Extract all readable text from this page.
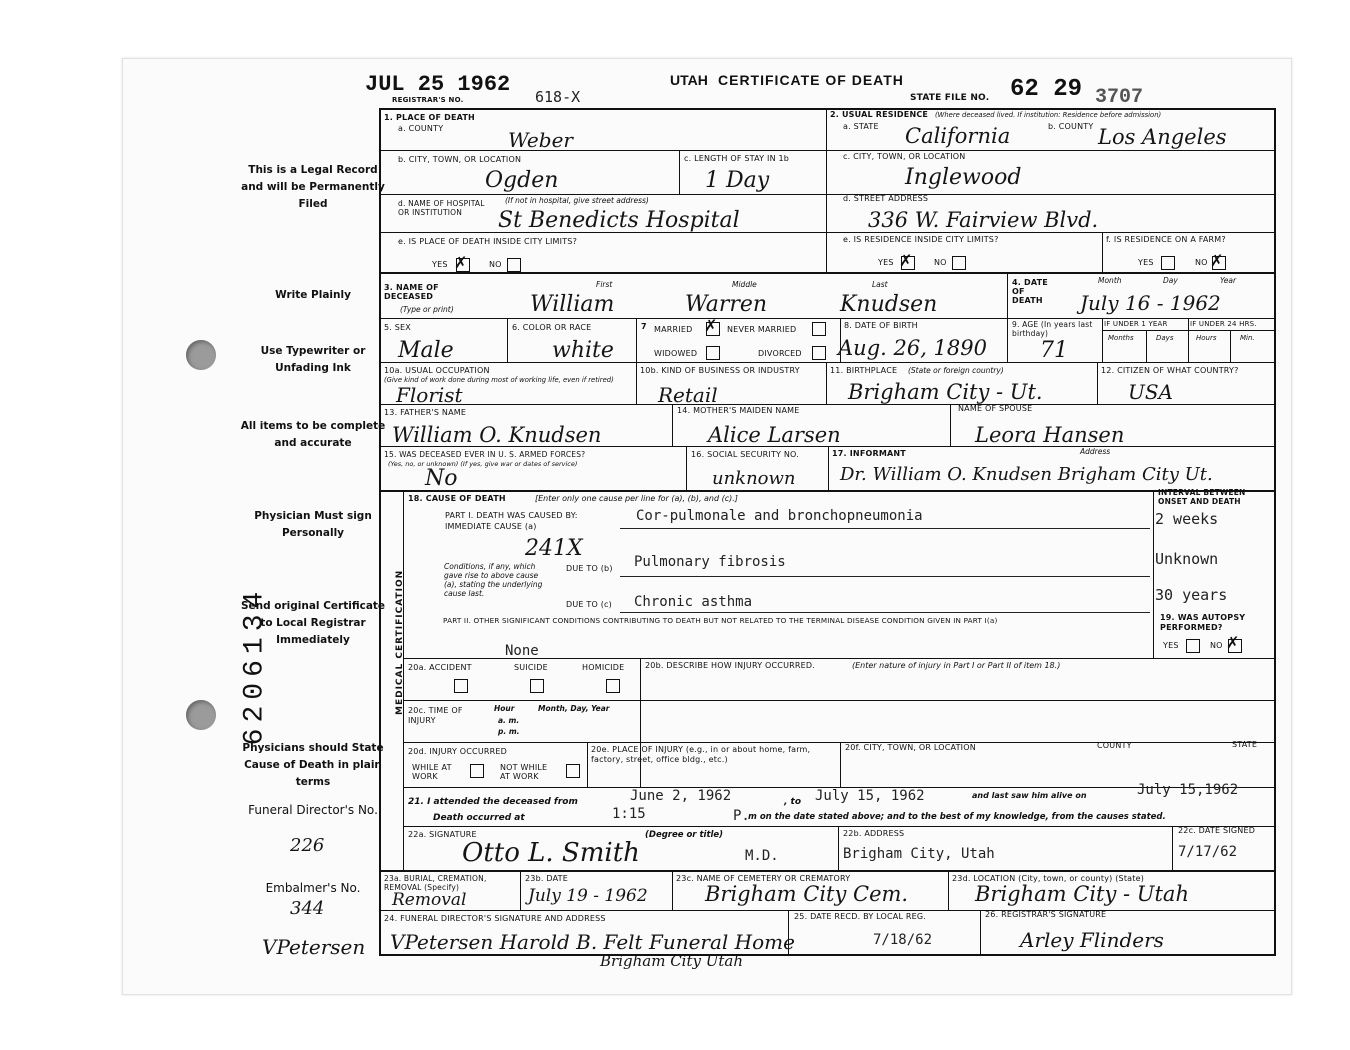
JUL 25 1962
REGISTRAR'S NO.	618-X
UTAH CERTIFICATE OF DEATH
STATE FILE NO. 62 29 3707
This is a Legal Record and will be Permanently Filed
Write Plainly
Use Typewriter or Unfading Ink
All items to be complete and accurate
Physician Must sign Personally
Send original Certificate to Local Registrar Immediately
Physicians should State Cause of Death in plain terms
Funeral Director's No.
226
Embalmer's No.
344
6206134
VPetersen
1. PLACE OF DEATH
a. COUNTY	Weber
2. USUAL RESIDENCE (Where deceased lived. If institution: Residence before admission)
a. STATE	b. COUNTY
California	Los Angeles
b. CITY, TOWN, OR LOCATION
Ogden
c. LENGTH OF STAY IN 1b
1 Day
c. CITY, TOWN, OR LOCATION
Inglewood
d. NAME OF HOSPITAL OR INSTITUTION
(If not in hospital, give street address)
St Benedicts Hospital
d. STREET ADDRESS
336 W. Fairview Blvd.
e. IS PLACE OF DEATH INSIDE CITY LIMITS?
YES ✗	NO
e. IS RESIDENCE INSIDE CITY LIMITS?
YES ✗	NO
f. IS RESIDENCE ON A FARM?
YES	NO ✗
3. NAME OF DECEASED
(Type or print)
First	Middle	Last
William	Warren	Knudsen
4. DATE OF DEATH
Month	Day	Year
July 16 - 1962
5. SEX
Male
6. COLOR OR RACE
white
7 MARRIED ✗ NEVER MARRIED
WIDOWED	DIVORCED
8. DATE OF BIRTH
Aug. 26, 1890
9. AGE (In years last birthday)
71
IF UNDER 1 YEAR	IF UNDER 24 HRS.
Months	Days	Hours	Min.
10a. USUAL OCCUPATION
(Give kind of work done during most of working life, even if retired)
Florist
10b. KIND OF BUSINESS OR INDUSTRY
Retail
11. BIRTHPLACE (State or foreign country)
Brigham City - Ut.
12. CITIZEN OF WHAT COUNTRY?
USA
13. FATHER'S NAME
William O. Knudsen
14. MOTHER'S MAIDEN NAME
Alice Larsen
NAME OF SPOUSE
Leora Hansen
15. WAS DECEASED EVER IN U. S. ARMED FORCES?
(Yes, no, or unknown) (If yes, give war or dates of service)
No
16. SOCIAL SECURITY NO.
unknown
17. INFORMANT	Address
Dr. William O. Knudsen Brigham City Ut.
MEDICAL CERTIFICATION
18. CAUSE OF DEATH	[Enter only one cause per line for (a), (b), and (c).]
PART I. DEATH WAS CAUSED BY: IMMEDIATE CAUSE (a)
Cor-pulmonale and bronchopneumonia
INTERVAL BETWEEN ONSET AND DEATH
2 weeks
241X
Conditions, if any, which gave rise to above cause (a), stating the underlying cause last.
DUE TO (b) Pulmonary fibrosis	Unknown
DUE TO (c) Chronic asthma	30 years
PART II. OTHER SIGNIFICANT CONDITIONS CONTRIBUTING TO DEATH BUT NOT RELATED TO THE TERMINAL DISEASE CONDITION GIVEN IN PART I(a)
None
19. WAS AUTOPSY PERFORMED?
YES	NO ✗
20a. ACCIDENT	SUICIDE	HOMICIDE	20b. DESCRIBE HOW INJURY OCCURRED.	(Enter nature of injury in Part I or Part II of item 18.)
20c. TIME OF INJURY
Hour	Month, Day, Year
a. m.
p. m.
20d. INJURY OCCURRED
WHILE AT WORK
NOT WHILE AT WORK
20e. PLACE OF INJURY (e.g., in or about home, farm, factory, street, office bldg., etc.)
20f. CITY, TOWN, OR LOCATION	COUNTY	STATE
21. I attended the deceased from	June 2, 1962	, to July 15, 1962	and last saw him alive on	July 15,1962
Death occurred at	1:15	P.
m on the date stated above; and to the best of my knowledge, from the causes stated.
22a. SIGNATURE	(Degree or title)
Otto L. Smith	M.D.
22b. ADDRESS
Brigham City, Utah
22c. DATE SIGNED
7/17/62
23a. BURIAL, CREMATION, REMOVAL (Specify)
Removal
23b. DATE
July 19 - 1962
23c. NAME OF CEMETERY OR CREMATORY
Brigham City Cem.
23d. LOCATION (City, town, or county) (State)
Brigham City - Utah
24. FUNERAL DIRECTOR'S SIGNATURE AND ADDRESS
VPetersen Harold B. Felt Funeral Home
Brigham City Utah
25. DATE RECD. BY LOCAL REG.
7/18/62
26. REGISTRAR'S SIGNATURE
Arley Flinders
